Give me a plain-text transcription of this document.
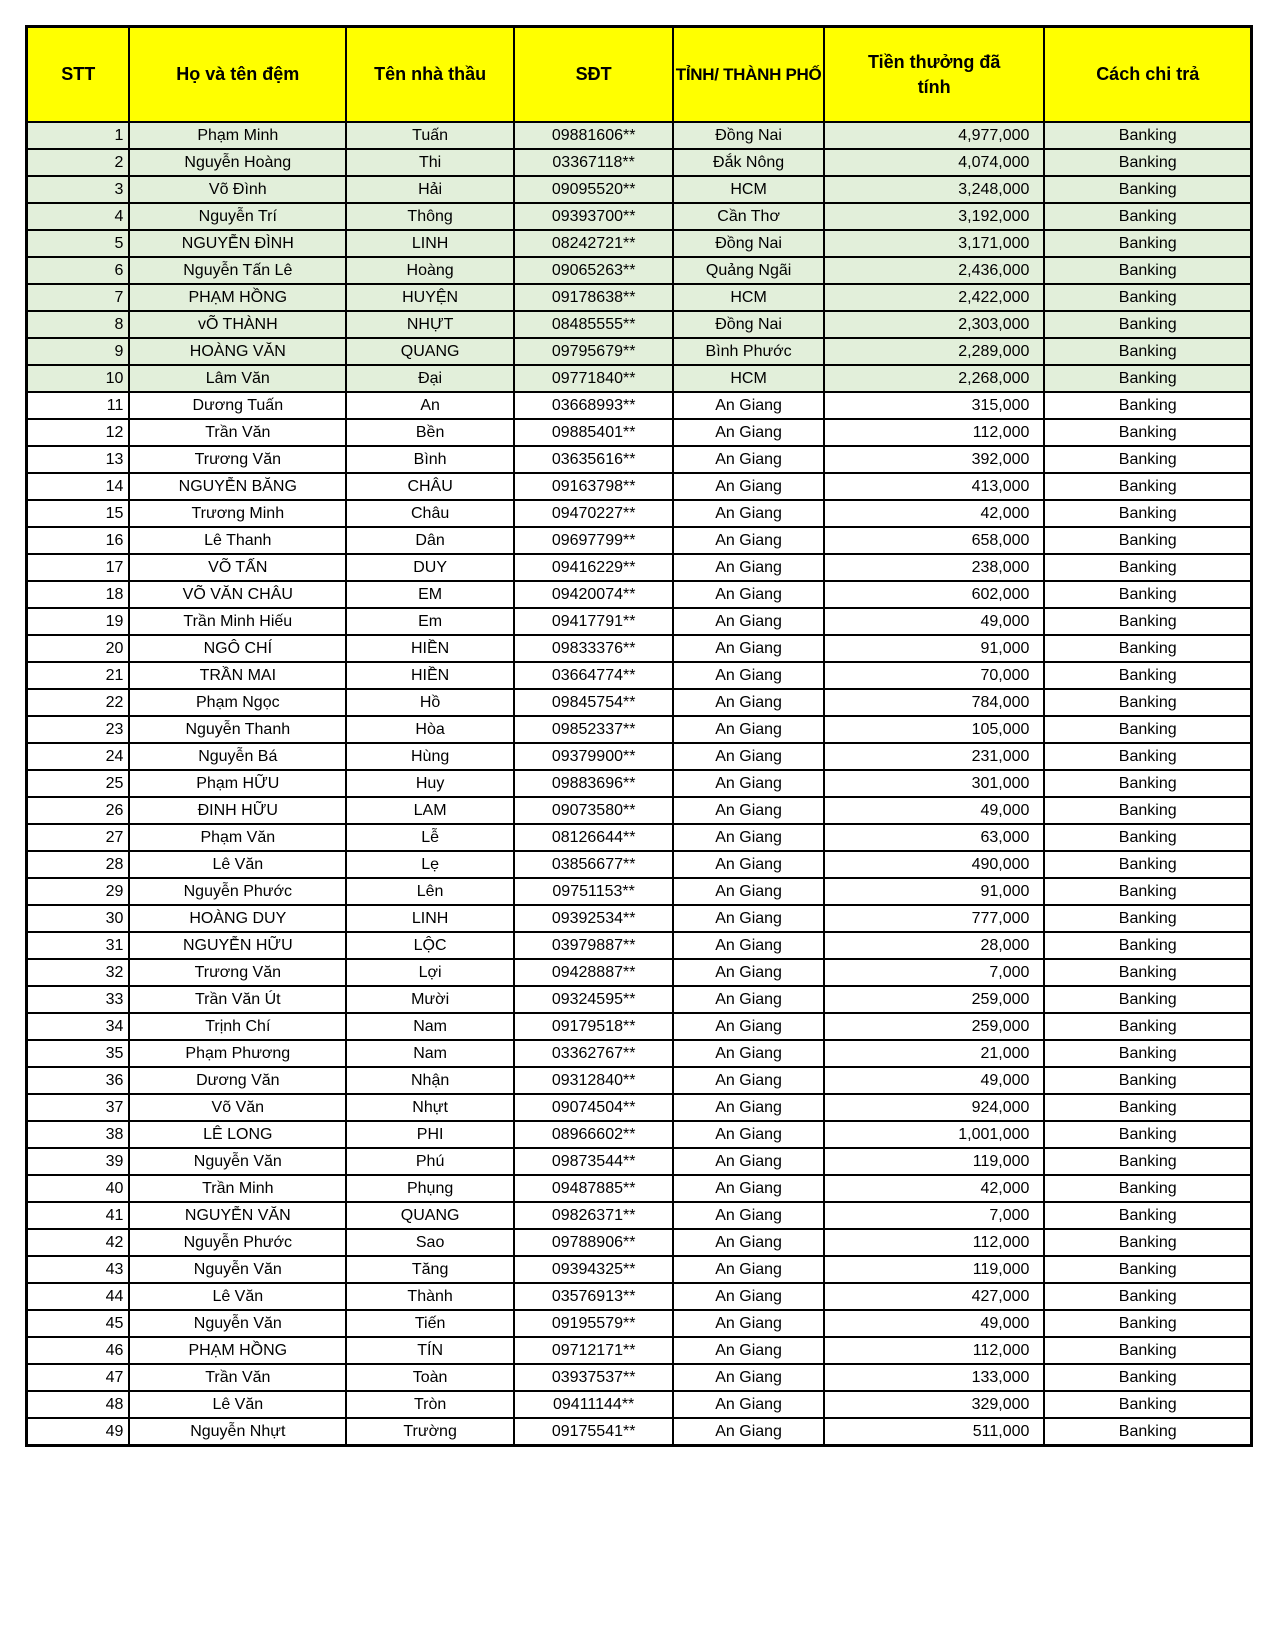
STT	Họ và tên đệm	Tên nhà thầu	SĐT	TỈNH/ THÀNH PHỐ	Tiền thưởng đã tính	Cách chi trả
1	Phạm Minh	Tuấn	09881606**	Đồng Nai	4,977,000	Banking
2	Nguyễn Hoàng	Thi	03367118**	Đắk Nông	4,074,000	Banking
3	Võ Đình	Hải	09095520**	HCM	3,248,000	Banking
4	Nguyễn Trí	Thông	09393700**	Cần Thơ	3,192,000	Banking
5	NGUYỄN ĐÌNH	LINH	08242721**	Đồng Nai	3,171,000	Banking
6	Nguyễn Tấn Lê	Hoàng	09065263**	Quảng Ngãi	2,436,000	Banking
7	PHẠM HỒNG	HUYỆN	09178638**	HCM	2,422,000	Banking
8	vÕ THÀNH	NHỰT	08485555**	Đồng Nai	2,303,000	Banking
9	HOÀNG VĂN	QUANG	09795679**	Bình Phước	2,289,000	Banking
10	Lâm Văn	Đại	09771840**	HCM	2,268,000	Banking
11	Dương Tuấn	An	03668993**	An Giang	315,000	Banking
12	Trần Văn	Bền	09885401**	An Giang	112,000	Banking
13	Trương Văn	Bình	03635616**	An Giang	392,000	Banking
14	NGUYỄN BĂNG	CHÂU	09163798**	An Giang	413,000	Banking
15	Trương Minh	Châu	09470227**	An Giang	42,000	Banking
16	Lê Thanh	Dân	09697799**	An Giang	658,000	Banking
17	VÕ TẤN	DUY	09416229**	An Giang	238,000	Banking
18	VÕ VĂN CHÂU	EM	09420074**	An Giang	602,000	Banking
19	Trần Minh Hiếu	Em	09417791**	An Giang	49,000	Banking
20	NGÔ CHÍ	HIỀN	09833376**	An Giang	91,000	Banking
21	TRẦN MAI	HIỀN	03664774**	An Giang	70,000	Banking
22	Phạm Ngọc	Hồ	09845754**	An Giang	784,000	Banking
23	Nguyễn Thanh	Hòa	09852337**	An Giang	105,000	Banking
24	Nguyễn Bá	Hùng	09379900**	An Giang	231,000	Banking
25	Phạm HỮU	Huy	09883696**	An Giang	301,000	Banking
26	ĐINH HỮU	LAM	09073580**	An Giang	49,000	Banking
27	Phạm Văn	Lễ	08126644**	An Giang	63,000	Banking
28	Lê Văn	Lẹ	03856677**	An Giang	490,000	Banking
29	Nguyễn Phước	Lên	09751153**	An Giang	91,000	Banking
30	HOÀNG DUY	LINH	09392534**	An Giang	777,000	Banking
31	NGUYỄN HỮU	LỘC	03979887**	An Giang	28,000	Banking
32	Trương Văn	Lợi	09428887**	An Giang	7,000	Banking
33	Trần Văn Út	Mười	09324595**	An Giang	259,000	Banking
34	Trịnh Chí	Nam	09179518**	An Giang	259,000	Banking
35	Phạm Phương	Nam	03362767**	An Giang	21,000	Banking
36	Dương Văn	Nhận	09312840**	An Giang	49,000	Banking
37	Võ Văn	Nhựt	09074504**	An Giang	924,000	Banking
38	LÊ LONG	PHI	08966602**	An Giang	1,001,000	Banking
39	Nguyễn Văn	Phú	09873544**	An Giang	119,000	Banking
40	Trần Minh	Phụng	09487885**	An Giang	42,000	Banking
41	NGUYỄN VĂN	QUANG	09826371**	An Giang	7,000	Banking
42	Nguyễn Phước	Sao	09788906**	An Giang	112,000	Banking
43	Nguyễn Văn	Tăng	09394325**	An Giang	119,000	Banking
44	Lê Văn	Thành	03576913**	An Giang	427,000	Banking
45	Nguyễn Văn	Tiến	09195579**	An Giang	49,000	Banking
46	PHẠM HỒNG	TÍN	09712171**	An Giang	112,000	Banking
47	Trần Văn	Toàn	03937537**	An Giang	133,000	Banking
48	Lê Văn	Tròn	09411144**	An Giang	329,000	Banking
49	Nguyễn Nhựt	Trường	09175541**	An Giang	511,000	Banking
